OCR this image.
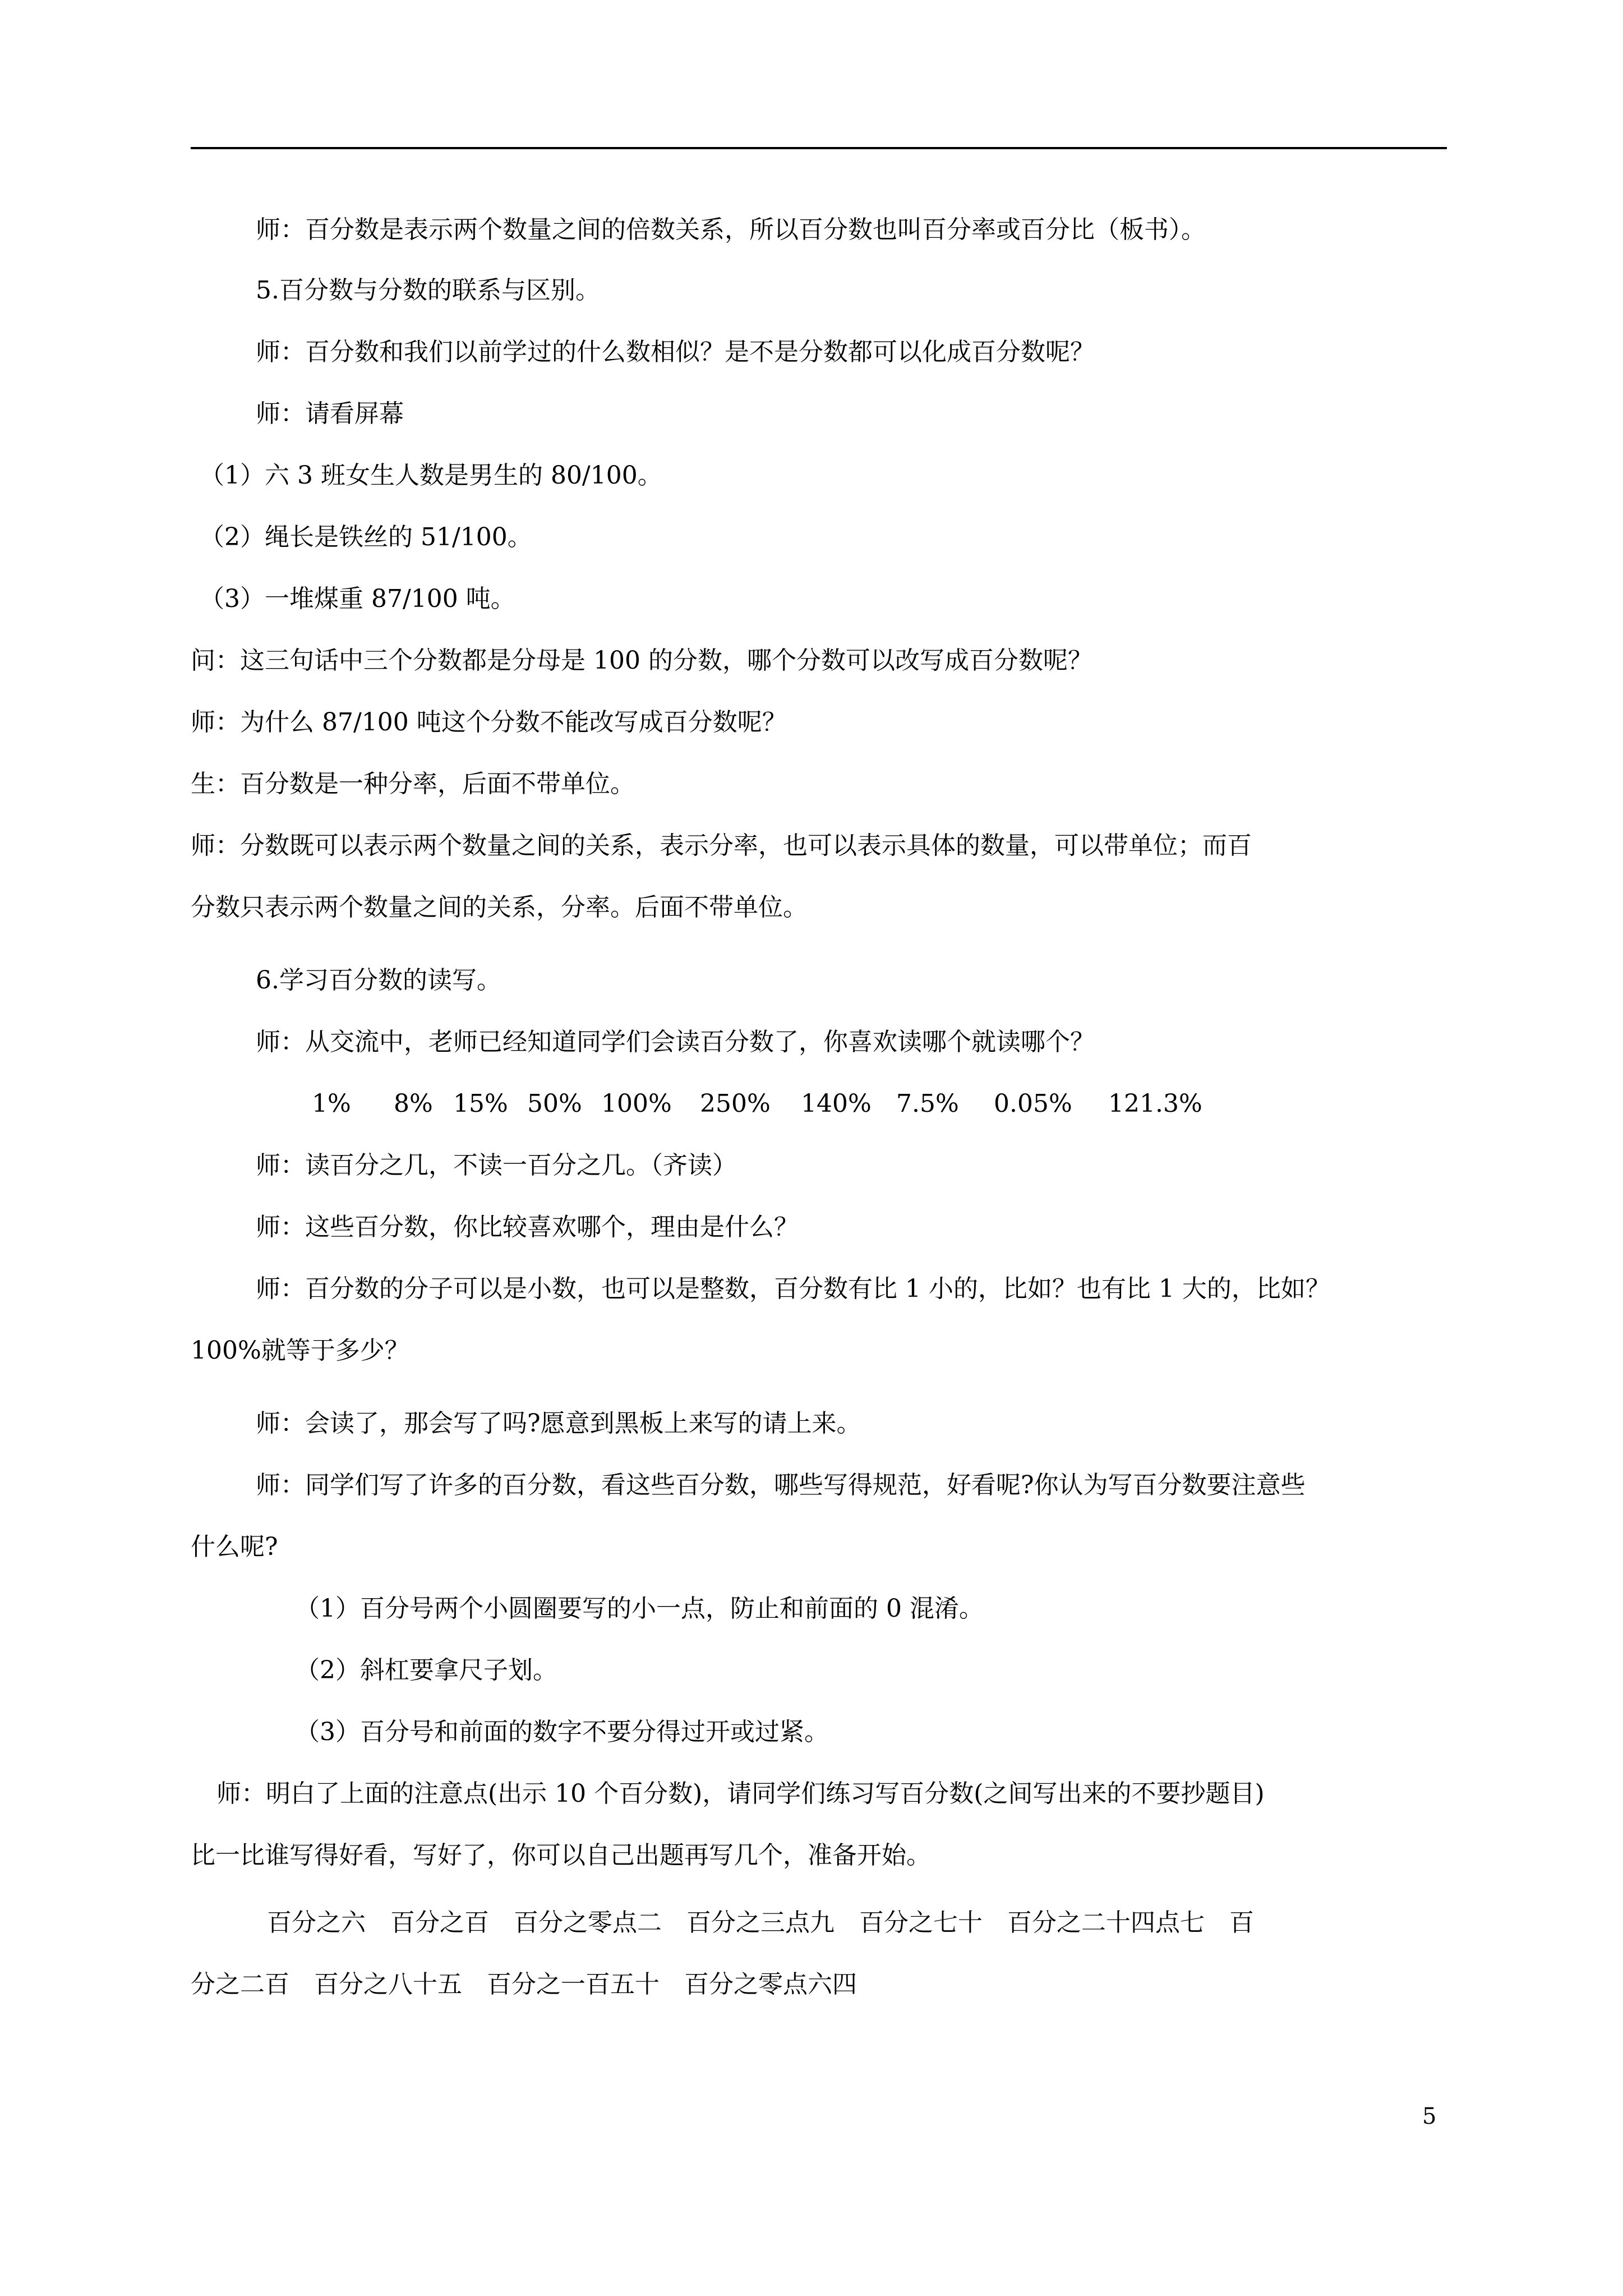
师：百分数是表示两个数量之间的倍数关系，所以百分数也叫百分率或百分比（板书）。

5.百分数与分数的联系与区别。

师：百分数和我们以前学过的什么数相似？是不是分数都可以化成百分数呢？

师：请看屏幕

（1）六 3 班女生人数是男生的 80/100。

（2）绳长是铁丝的 51/100。

（3）一堆煤重 87/100 吨。

问：这三句话中三个分数都是分母是 100 的分数，哪个分数可以改写成百分数呢？

师：为什么 87/100 吨这个分数不能改写成百分数呢？

生：百分数是一种分率，后面不带单位。

师：分数既可以表示两个数量之间的关系，表示分率，也可以表示具体的数量，可以带单位；而百

分数只表示两个数量之间的关系，分率。后面不带单位。

6.学习百分数的读写。

师：从交流中，老师已经知道同学们会读百分数了，你喜欢读哪个就读哪个？

1% 8% 15% 50% 100% 250% 140% 7.5% 0.05% 121.3%

师：读百分之几，不读一百分之几。（齐读）

师：这些百分数，你比较喜欢哪个，理由是什么？

师：百分数的分子可以是小数，也可以是整数，百分数有比 1 小的，比如？也有比 1 大的，比如？

100%就等于多少？

师：会读了，那会写了吗?愿意到黑板上来写的请上来。

师：同学们写了许多的百分数，看这些百分数，哪些写得规范，好看呢?你认为写百分数要注意些

什么呢?

（1）百分号两个小圆圈要写的小一点，防止和前面的 0 混淆。

（2）斜杠要拿尺子划。

（3）百分号和前面的数字不要分得过开或过紧。

师：明白了上面的注意点(出示 10 个百分数)，请同学们练习写百分数(之间写出来的不要抄题目)

比一比谁写得好看，写好了，你可以自己出题再写几个，准备开始。

百分之六　百分之百　百分之零点二　百分之三点九　百分之七十　百分之二十四点七　百

分之二百　百分之八十五　百分之一百五十　百分之零点六四

5
